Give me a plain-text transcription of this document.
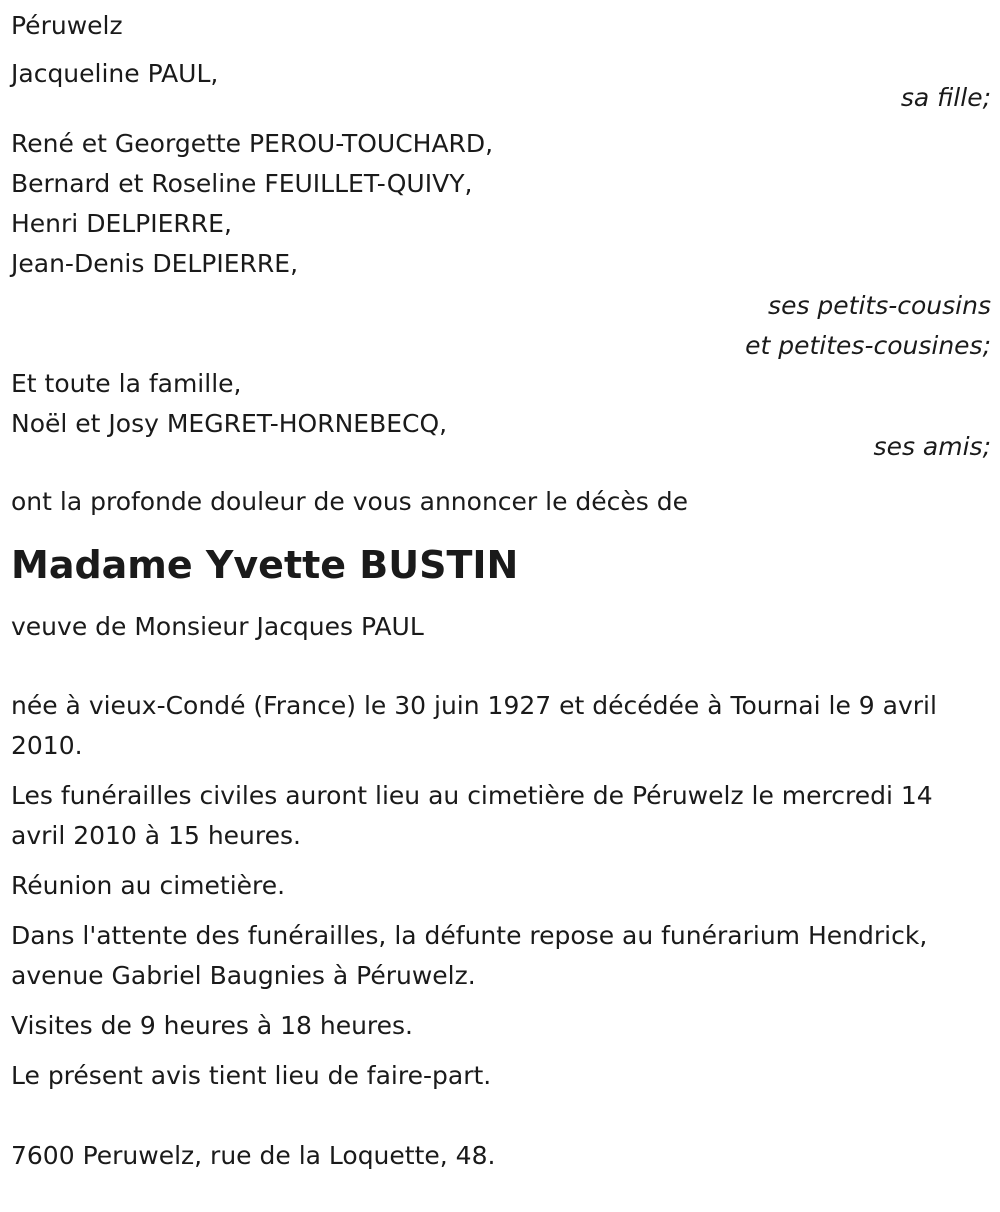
Péruwelz
Jacqueline PAUL,
sa fille;
René et Georgette PEROU-TOUCHARD,
Bernard et Roseline FEUILLET-QUIVY,
Henri DELPIERRE,
Jean-Denis DELPIERRE,
ses petits-cousins
et petites-cousines;
Et toute la famille,
Noël et Josy MEGRET-HORNEBECQ,
ses amis;
ont la profonde douleur de vous annoncer le décès de
Madame Yvette BUSTIN
veuve de Monsieur Jacques PAUL
née à vieux-Condé (France) le 30 juin 1927 et décédée à Tournai le 9 avril 2010.
Les funérailles civiles auront lieu au cimetière de Péruwelz le mercredi 14 avril 2010 à 15 heures.
Réunion au cimetière.
Dans l'attente des funérailles, la défunte repose au funérarium Hendrick, avenue Gabriel Baugnies à Péruwelz.
Visites de 9 heures à 18 heures.
Le présent avis tient lieu de faire-part.
7600 Peruwelz, rue de la Loquette, 48.
